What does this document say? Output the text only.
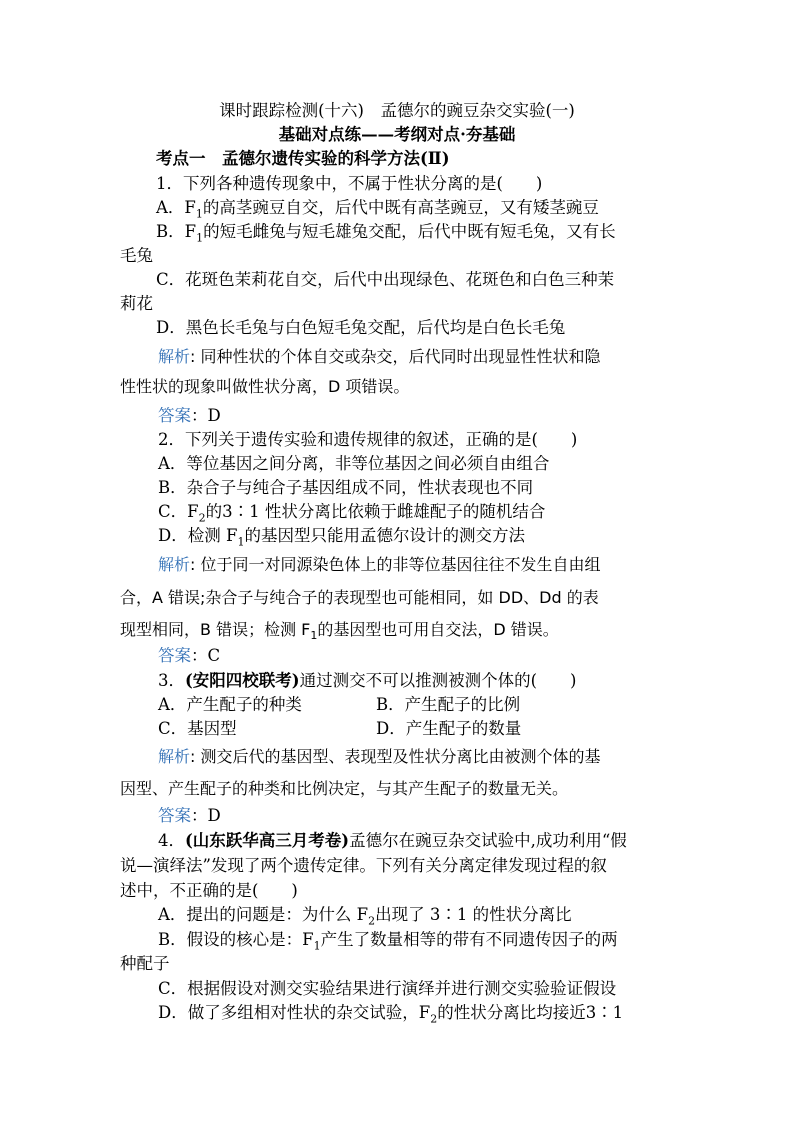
课时跟踪检测(十六)　孟德尔的豌豆杂交实验(一)
基础对点练——考纲对点·夯基础
考点一　孟德尔遗传实验的科学方法(Ⅱ)
1．下列各种遗传现象中，不属于性状分离的是(　　)
A．$F_1$的高茎豌豆自交，后代中既有高茎豌豆，又有矮茎豌豆
B．$F_1$的短毛雌兔与短毛雄兔交配，后代中既有短毛兔，又有长
毛兔
C．花斑色茉莉花自交，后代中出现绿色、花斑色和白色三种茉
莉花
D．黑色长毛兔与白色短毛兔交配，后代均是白色长毛兔
解析: 同种性状的个体自交或杂交，后代同时出现显性性状和隐
性性状的现象叫做性状分离，D 项错误。
答案：D
2．下列关于遗传实验和遗传规律的叙述，正确的是(　　)
A．等位基因之间分离，非等位基因之间必须自由组合
B．杂合子与纯合子基因组成不同，性状表现也不同
C．$F_2$的3∶1 性状分离比依赖于雌雄配子的随机结合
D．检测 $F_1$的基因型只能用孟德尔设计的测交方法
解析: 位于同一对同源染色体上的非等位基因往往不发生自由组
合，A 错误;杂合子与纯合子的表现型也可能相同，如 DD、Dd 的表
现型相同，B 错误；检测 $F_1$的基因型也可用自交法，D 错误。
答案：C
3．(安阳四校联考)通过测交不可以推测被测个体的(　　)
A．产生配子的种类	B．产生配子的比例
C．基因型	D．产生配子的数量
解析: 测交后代的基因型、表现型及性状分离比由被测个体的基
因型、产生配子的种类和比例决定，与其产生配子的数量无关。
答案：D
4．(山东跃华高三月考卷)孟德尔在豌豆杂交试验中,成功利用“假
说—演绎法”发现了两个遗传定律。下列有关分离定律发现过程的叙
述中，不正确的是(　　)
A．提出的问题是：为什么 $F_2$出现了 3∶1 的性状分离比
B．假设的核心是：$F_1$产生了数量相等的带有不同遗传因子的两
种配子
C．根据假设对测交实验结果进行演绎并进行测交实验验证假设
D．做了多组相对性状的杂交试验，$F_2$的性状分离比均接近3∶1
